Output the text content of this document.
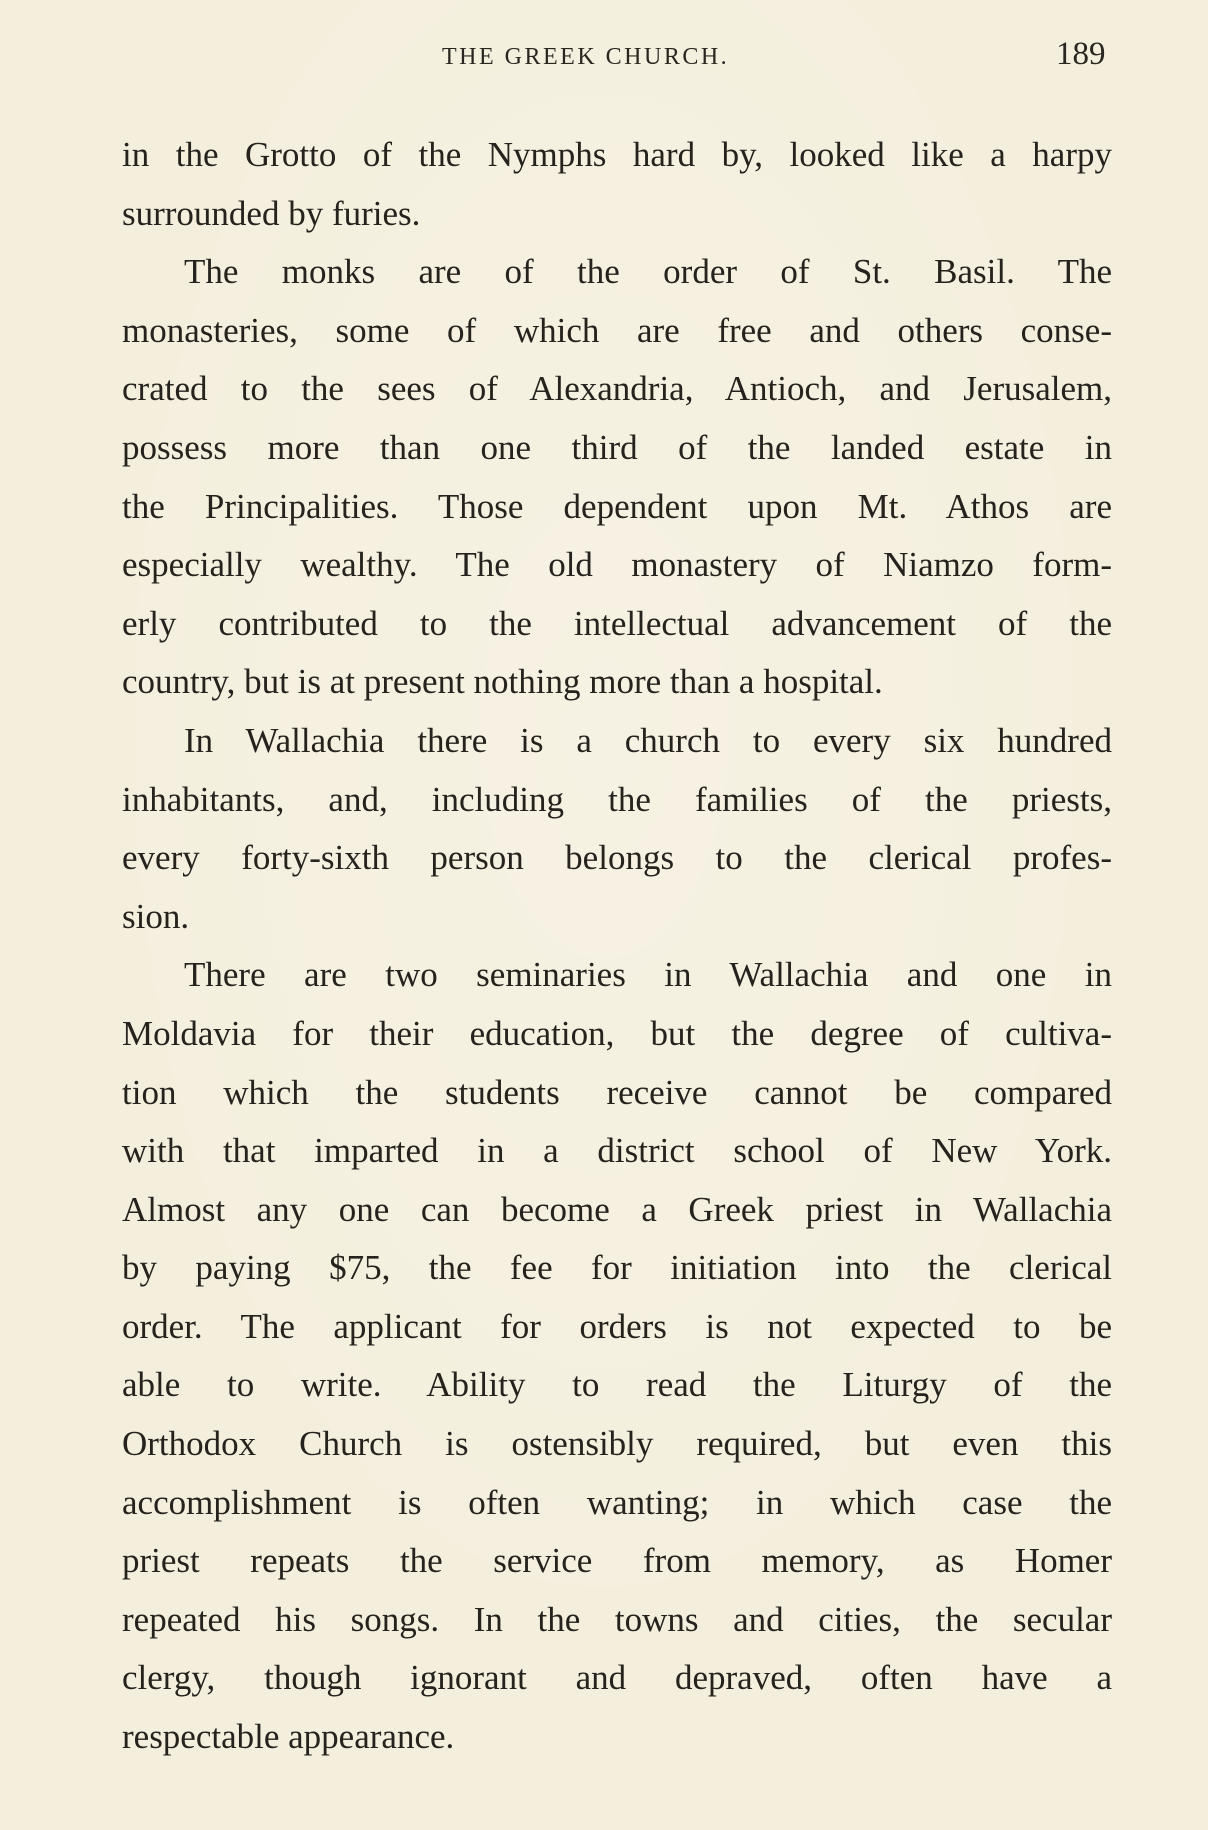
THE GREEK CHURCH.	189
in the Grotto of the Nymphs hard by, looked like a harpy
surrounded by furies.
The monks are of the order of St. Basil. The
monasteries, some of which are free and others conse-
crated to the sees of Alexandria, Antioch, and Jerusalem,
possess more than one third of the landed estate in
the Principalities. Those dependent upon Mt. Athos are
especially wealthy. The old monastery of Niamzo form-
erly contributed to the intellectual advancement of the
country, but is at present nothing more than a hospital.
In Wallachia there is a church to every six hundred
inhabitants, and, including the families of the priests,
every forty-sixth person belongs to the clerical profes-
sion.
There are two seminaries in Wallachia and one in
Moldavia for their education, but the degree of cultiva-
tion which the students receive cannot be compared
with that imparted in a district school of New York.
Almost any one can become a Greek priest in Wallachia
by paying $75, the fee for initiation into the clerical
order. The applicant for orders is not expected to be
able to write. Ability to read the Liturgy of the
Orthodox Church is ostensibly required, but even this
accomplishment is often wanting; in which case the
priest repeats the service from memory, as Homer
repeated his songs. In the towns and cities, the secular
clergy, though ignorant and depraved, often have a
respectable appearance.
